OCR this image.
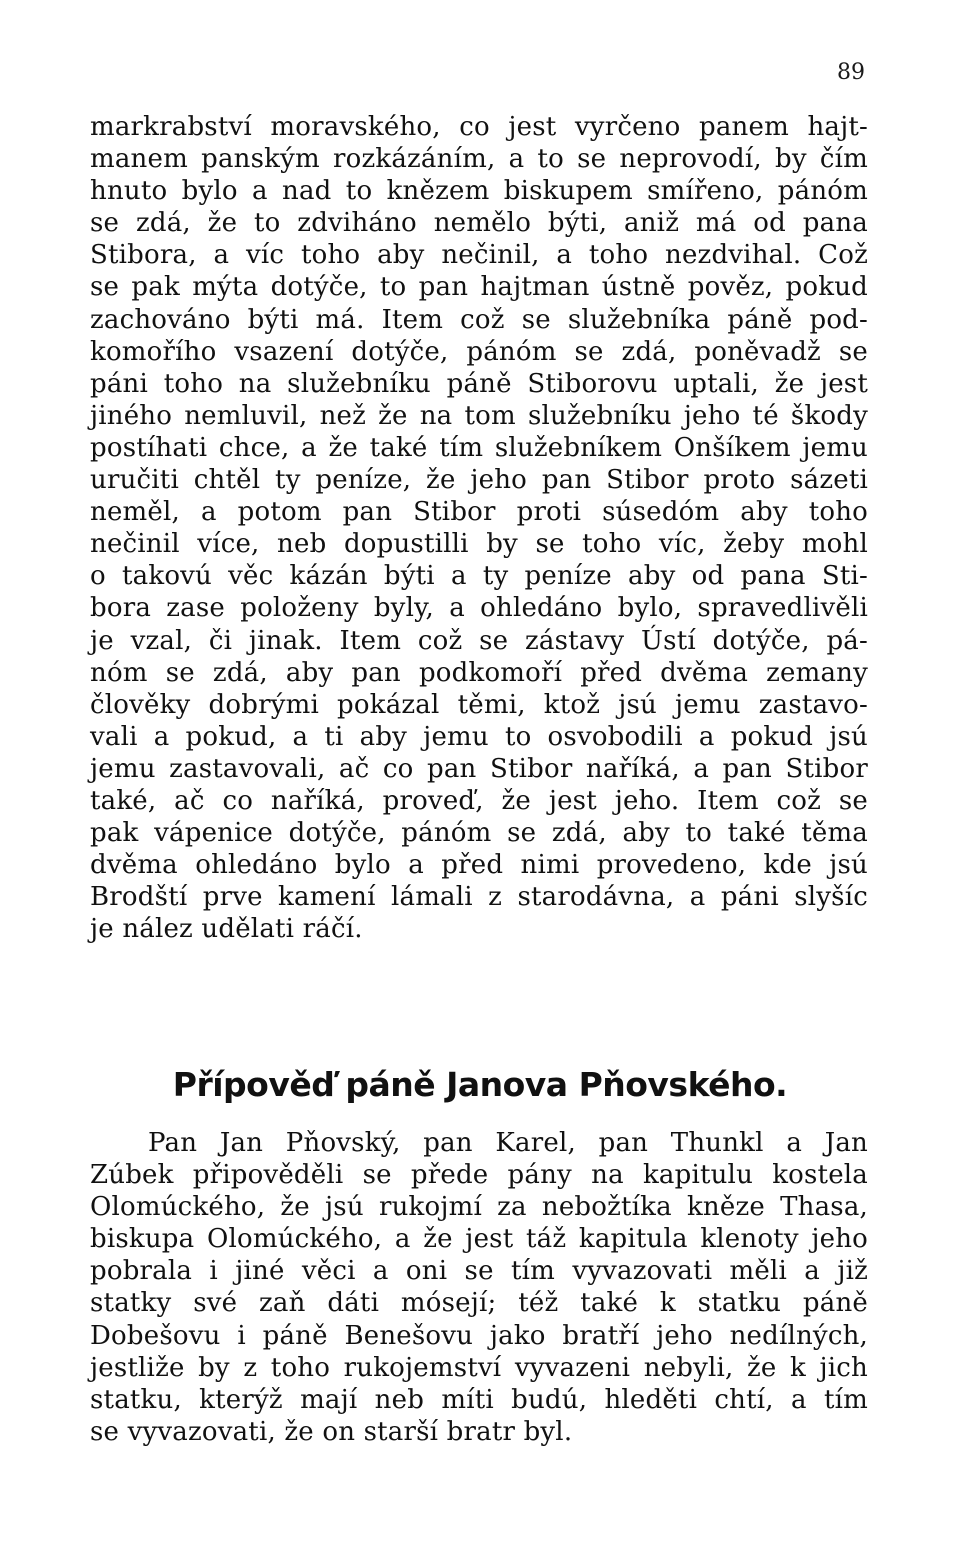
89
markrabství moravského, co jest vyrčeno panem hajt-
manem panským rozkázáním, a to se neprovodí, by čím
hnuto bylo a nad to knězem biskupem smířeno, pánóm
se zdá, že to zdviháno nemělo býti, aniž má od pana
Stibora, a víc toho aby nečinil, a toho nezdvihal. Což
se pak mýta dotýče, to pan hajtman ústně pověz, pokud
zachováno býti má. Item což se služebníka páně pod-
komořího vsazení dotýče, pánóm se zdá, poněvadž se
páni toho na služebníku páně Stiborovu uptali, že jest
jiného nemluvil, než že na tom služebníku jeho té škody
postíhati chce, a že také tím služebníkem Onšíkem jemu
uručiti chtěl ty peníze, že jeho pan Stibor proto sázeti
neměl, a potom pan Stibor proti súsedóm aby toho
nečinil více, neb dopustilli by se toho víc, žeby mohl
o takovú věc kázán býti a ty peníze aby od pana Sti-
bora zase položeny byly, a ohledáno bylo, spravedlivěli
je vzal, či jinak. Item což se zástavy Ústí dotýče, pá-
nóm se zdá, aby pan podkomoří před dvěma zemany
člověky dobrými pokázal těmi, ktož jsú jemu zastavo-
vali a pokud, a ti aby jemu to osvobodili a pokud jsú
jemu zastavovali, ač co pan Stibor naříká, a pan Stibor
také, ač co naříká, proveď, že jest jeho. Item což se
pak vápenice dotýče, pánóm se zdá, aby to také těma
dvěma ohledáno bylo a před nimi provedeno, kde jsú
Brodští prve kamení lámali z starodávna, a páni slyšíc
je nález udělati ráčí.
Přípověď páně Janova Pňovského.
Pan Jan Pňovský, pan Karel, pan Thunkl a Jan
Zúbek připověděli se přede pány na kapitulu kostela
Olomúckého, že jsú rukojmí za nebožtíka kněze Thasa,
biskupa Olomúckého, a že jest táž kapitula klenoty jeho
pobrala i jiné věci a oni se tím vyvazovati měli a již
statky své zaň dáti mósejí; též také k statku páně
Dobešovu i páně Benešovu jako bratří jeho nedílných,
jestliže by z toho rukojemství vyvazeni nebyli, že k jich
statku, kterýž mají neb míti budú, hleděti chtí, a tím
se vyvazovati, že on starší bratr byl.
